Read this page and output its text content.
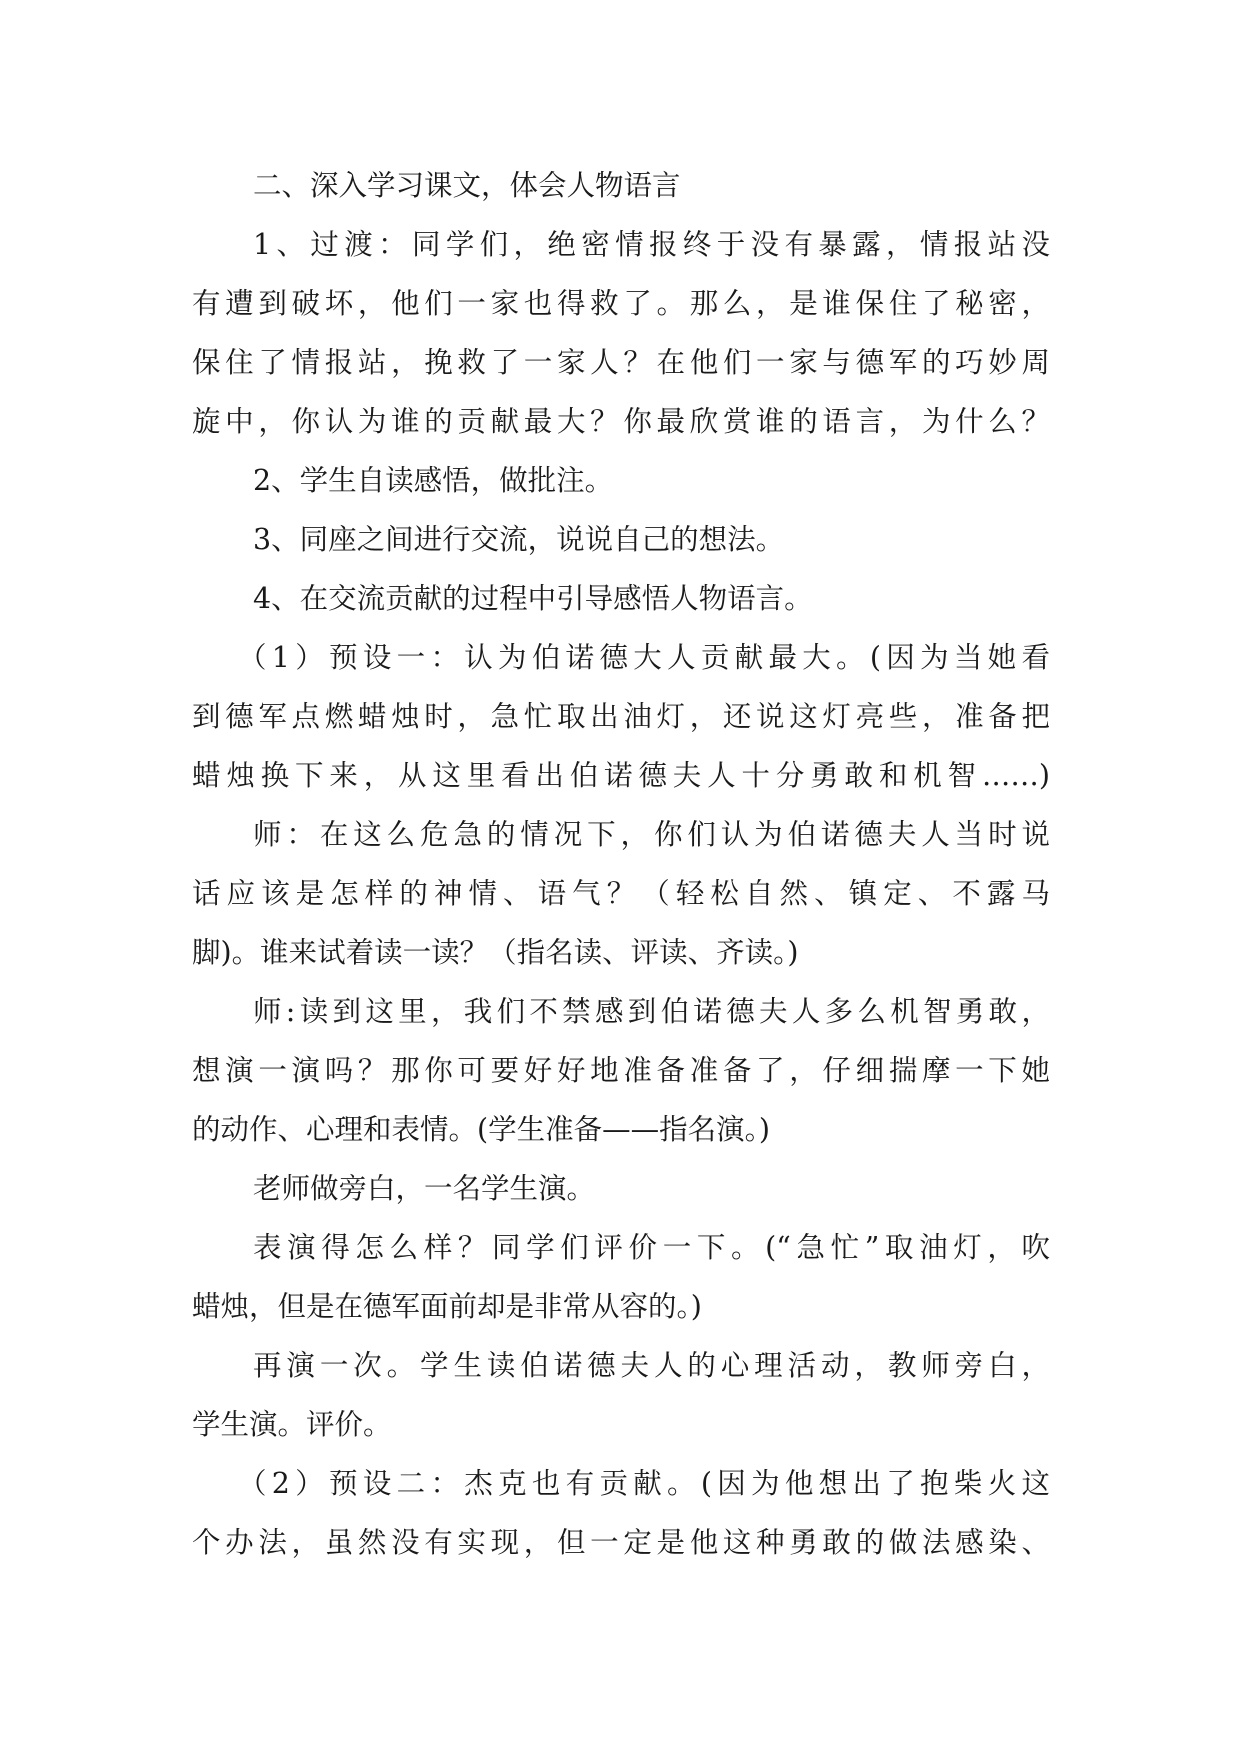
二、深入学习课文，体会人物语言
1、过渡：同学们，绝密情报终于没有暴露，情报站没
有遭到破坏，他们一家也得救了。那么，是谁保住了秘密，
保住了情报站，挽救了一家人？在他们一家与德军的巧妙周
旋中，你认为谁的贡献最大？你最欣赏谁的语言，为什么？
2、学生自读感悟，做批注。
3、同座之间进行交流，说说自己的想法。
4、在交流贡献的过程中引导感悟人物语言。
（1）预设一：认为伯诺德大人贡献最大。(因为当她看
到德军点燃蜡烛时，急忙取出油灯，还说这灯亮些，准备把
蜡烛换下来，从这里看出伯诺德夫人十分勇敢和机智……)
师：在这么危急的情况下，你们认为伯诺德夫人当时说
话应该是怎样的神情、语气？（轻松自然、镇定、不露马
脚)。谁来试着读一读？（指名读、评读、齐读。)
师:读到这里，我们不禁感到伯诺德夫人多么机智勇敢，
想演一演吗？那你可要好好地准备准备了，仔细揣摩一下她
的动作、心理和表情。(学生准备——指名演。)
老师做旁白，一名学生演。
表演得怎么样？同学们评价一下。(“急忙”取油灯，吹
蜡烛，但是在德军面前却是非常从容的。)
再演一次。学生读伯诺德夫人的心理活动，教师旁白，
学生演。评价。
（2）预设二：杰克也有贡献。(因为他想出了抱柴火这
个办法，虽然没有实现，但一定是他这种勇敢的做法感染、
